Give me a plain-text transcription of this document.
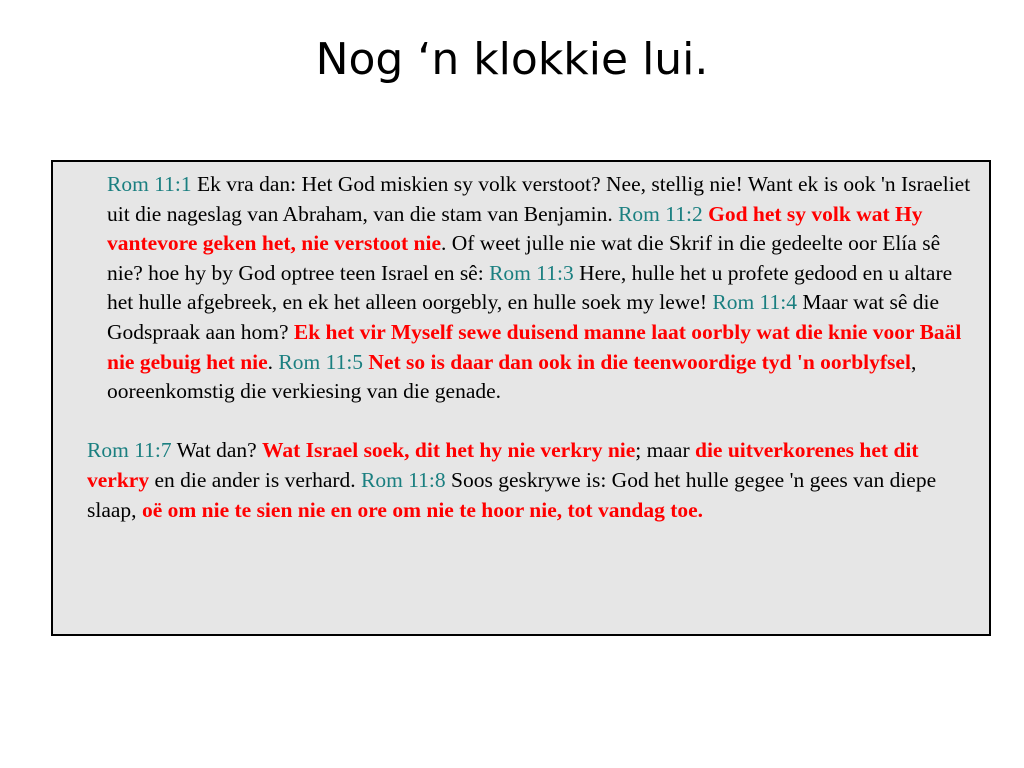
Nog ‘n klokkie lui.

Rom 11:1 Ek vra dan: Het God miskien sy volk verstoot? Nee, stellig nie! Want ek is ook 'n Israeliet uit die nageslag van Abraham, van die stam van Benjamin. Rom 11:2 God het sy volk wat Hy vantevore geken het, nie verstoot nie. Of weet julle nie wat die Skrif in die gedeelte oor Elía sê nie? hoe hy by God optree teen Israel en sê: Rom 11:3 Here, hulle het u profete gedood en u altare het hulle afgebreek, en ek het alleen oorgebly, en hulle soek my lewe! Rom 11:4 Maar wat sê die Godspraak aan hom? Ek het vir Myself sewe duisend manne laat oorbly wat die knie voor Baäl nie gebuig het nie. Rom 11:5 Net so is daar dan ook in die teenwoordige tyd 'n oorblyfsel, ooreenkomstig die verkiesing van die genade.

Rom 11:7 Wat dan? Wat Israel soek, dit het hy nie verkry nie; maar die uitverkorenes het dit verkry en die ander is verhard. Rom 11:8 Soos geskrywe is: God het hulle gegee 'n gees van diepe slaap, oë om nie te sien nie en ore om nie te hoor nie, tot vandag toe.
